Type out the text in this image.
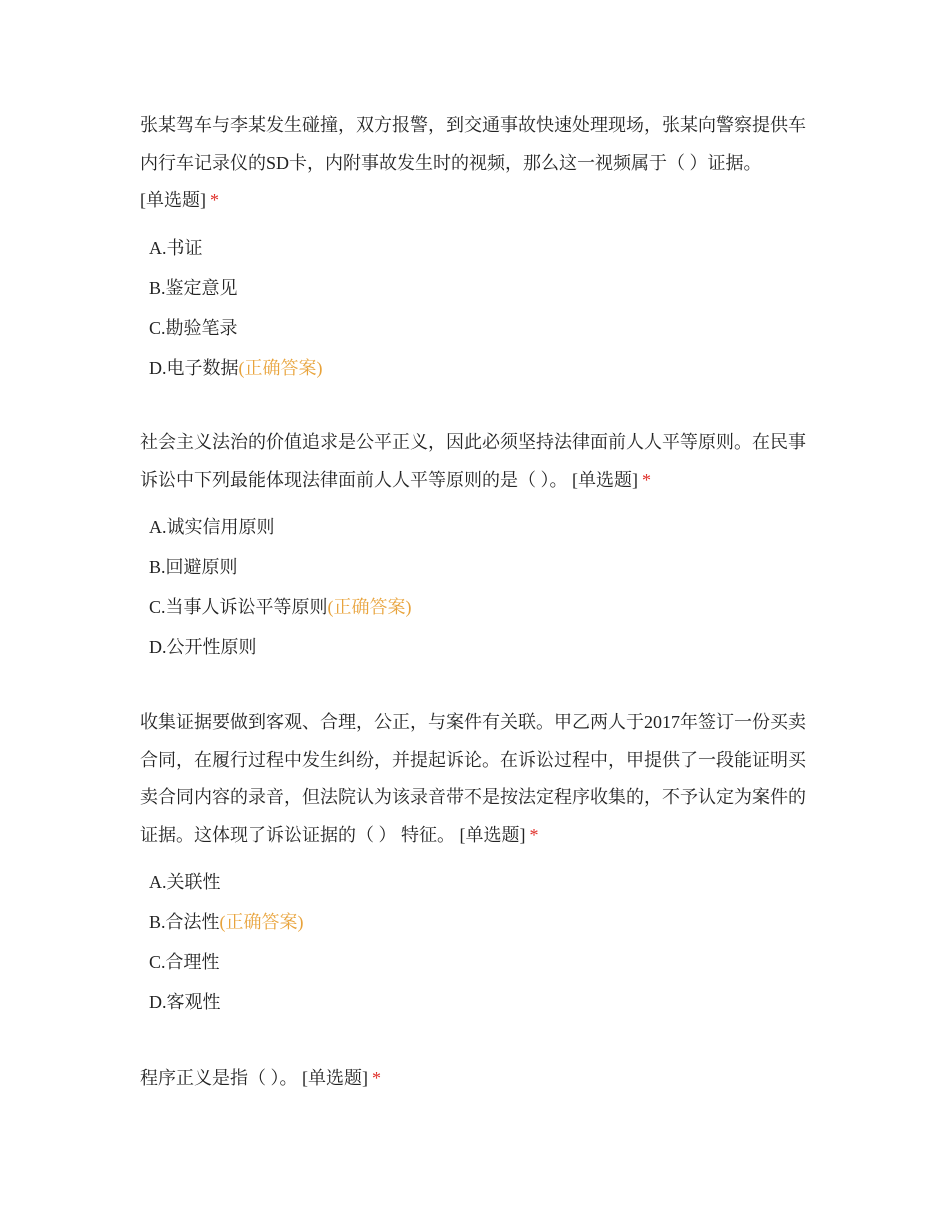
张某驾车与李某发生碰撞，双方报警，到交通事故快速处理现场，张某向警察提供车内行车记录仪的SD卡，内附事故发生时的视频，那么这一视频属于（ ）证据。 [单选题] *

A.书证
B.鉴定意见
C.勘验笔录
D.电子数据(正确答案)

社会主义法治的价值追求是公平正义，因此必须坚持法律面前人人平等原则。在民事诉讼中下列最能体现法律面前人人平等原则的是（ ）。 [单选题] *

A.诚实信用原则
B.回避原则
C.当事人诉讼平等原则(正确答案)
D.公开性原则

收集证据要做到客观、合理，公正，与案件有关联。甲乙两人于2017年签订一份买卖合同，在履行过程中发生纠纷，并提起诉论。在诉讼过程中，甲提供了一段能证明买卖合同内容的录音，但法院认为该录音带不是按法定程序收集的，不予认定为案件的证据。这体现了诉讼证据的（ ） 特征。 [单选题] *

A.关联性
B.合法性(正确答案)
C.合理性
D.客观性

程序正义是指（ ）。 [单选题] *
